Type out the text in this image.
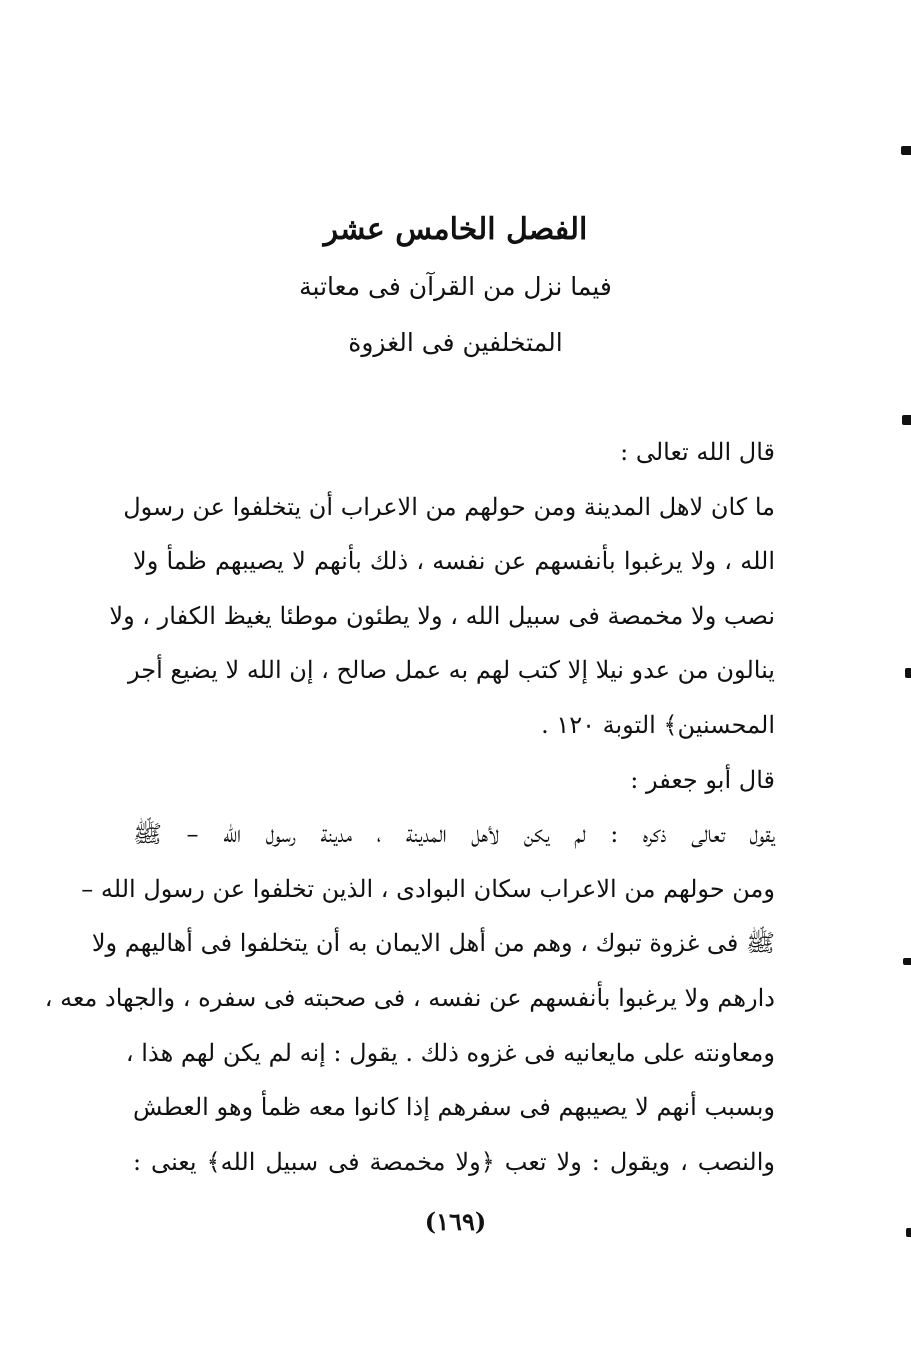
الفصل الخامس عشر
فيما نزل من القرآن فى معاتبة
المتخلفين فى الغزوة
قال الله تعالى :
ما كان لاهل المدينة ومن حولهم من الاعراب أن يتخلفوا عن رسول
الله ، ولا يرغبوا بأنفسهم عن نفسه ، ذلك بأنهم لا يصيبهم ظمأ ولا
نصب ولا مخمصة فى سبيل الله ، ولا يطئون موطئا يغيظ الكفار ، ولا
ينالون من عدو نيلا إلا كتب لهم به عمل صالح ، إن الله لا يضيع أجر
المحسنين﴾ التوبة ١٢٠ .
قال أبو جعفر :
يقول تعالى ذكره : لم يكن لأهل المدينة ، مدينة رسول الله – ﷺ
ومن حولهم من الاعراب سكان البوادى ، الذين تخلفوا عن رسول الله –
ﷺ فى غزوة تبوك ، وهم من أهل الايمان به أن يتخلفوا فى أهاليهم ولا
دارهم ولا يرغبوا بأنفسهم عن نفسه ، فى صحبته فى سفره ، والجهاد معه ،
ومعاونته على مايعانيه فى غزوه ذلك . يقول : إنه لم يكن لهم هذا ،
وبسبب أنهم لا يصيبهم فى سفرهم إذا كانوا معه ظمأ وهو العطش
والنصب ، ويقول : ولا تعب ﴿ولا مخمصة فى سبيل الله﴾ يعنى :
(١٦٩)
